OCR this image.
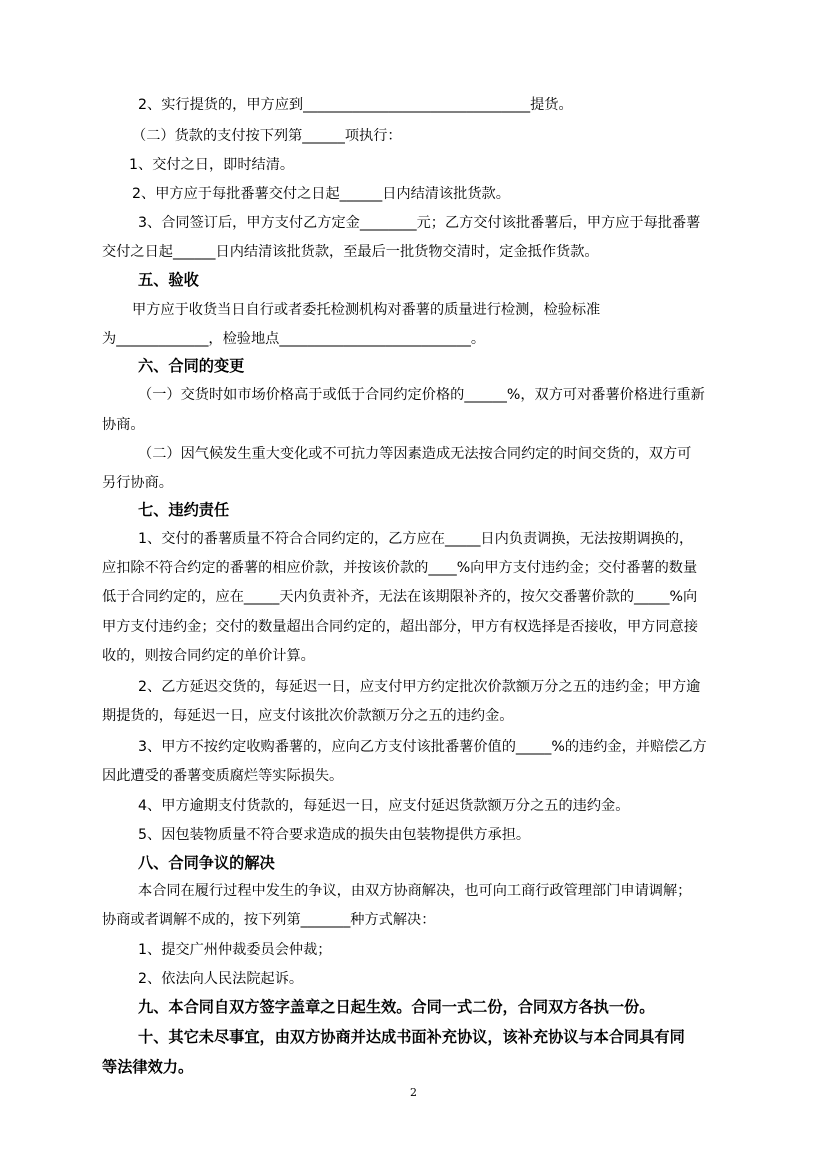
2、实行提货的，甲方应到________________________________提货。
（二）货款的支付按下列第______项执行：
1、交付之日，即时结清。
2、甲方应于每批番薯交付之日起______日内结清该批货款。
3、合同签订后，甲方支付乙方定金________元；乙方交付该批番薯后，甲方应于每批番薯
交付之日起______日内结清该批货款，至最后一批货物交清时，定金抵作货款。
五、验收
甲方应于收货当日自行或者委托检测机构对番薯的质量进行检测，检验标准
为_____________，检验地点___________________________。
六、合同的变更
（一）交货时如市场价格高于或低于合同约定价格的______%，双方可对番薯价格进行重新
协商。
（二）因气候发生重大变化或不可抗力等因素造成无法按合同约定的时间交货的，双方可
另行协商。
七、违约责任
1、交付的番薯质量不符合合同约定的，乙方应在_____日内负责调换，无法按期调换的，
应扣除不符合约定的番薯的相应价款，并按该价款的____%向甲方支付违约金；交付番薯的数量
低于合同约定的，应在_____天内负责补齐，无法在该期限补齐的，按欠交番薯价款的_____%向
甲方支付违约金；交付的数量超出合同约定的，超出部分，甲方有权选择是否接收，甲方同意接
收的，则按合同约定的单价计算。
2、乙方延迟交货的，每延迟一日，应支付甲方约定批次价款额万分之五的违约金；甲方逾
期提货的，每延迟一日，应支付该批次价款额万分之五的违约金。
3、甲方不按约定收购番薯的，应向乙方支付该批番薯价值的_____%的违约金，并赔偿乙方
因此遭受的番薯变质腐烂等实际损失。
4、甲方逾期支付货款的，每延迟一日，应支付延迟货款额万分之五的违约金。
5、因包装物质量不符合要求造成的损失由包装物提供方承担。
八、合同争议的解决
本合同在履行过程中发生的争议，由双方协商解决，也可向工商行政管理部门申请调解；
协商或者调解不成的，按下列第_______种方式解决：
1、提交广州仲裁委员会仲裁；
2、依法向人民法院起诉。
九、本合同自双方签字盖章之日起生效。合同一式二份，合同双方各执一份。
十、其它未尽事宜，由双方协商并达成书面补充协议，该补充协议与本合同具有同
等法律效力。
2
